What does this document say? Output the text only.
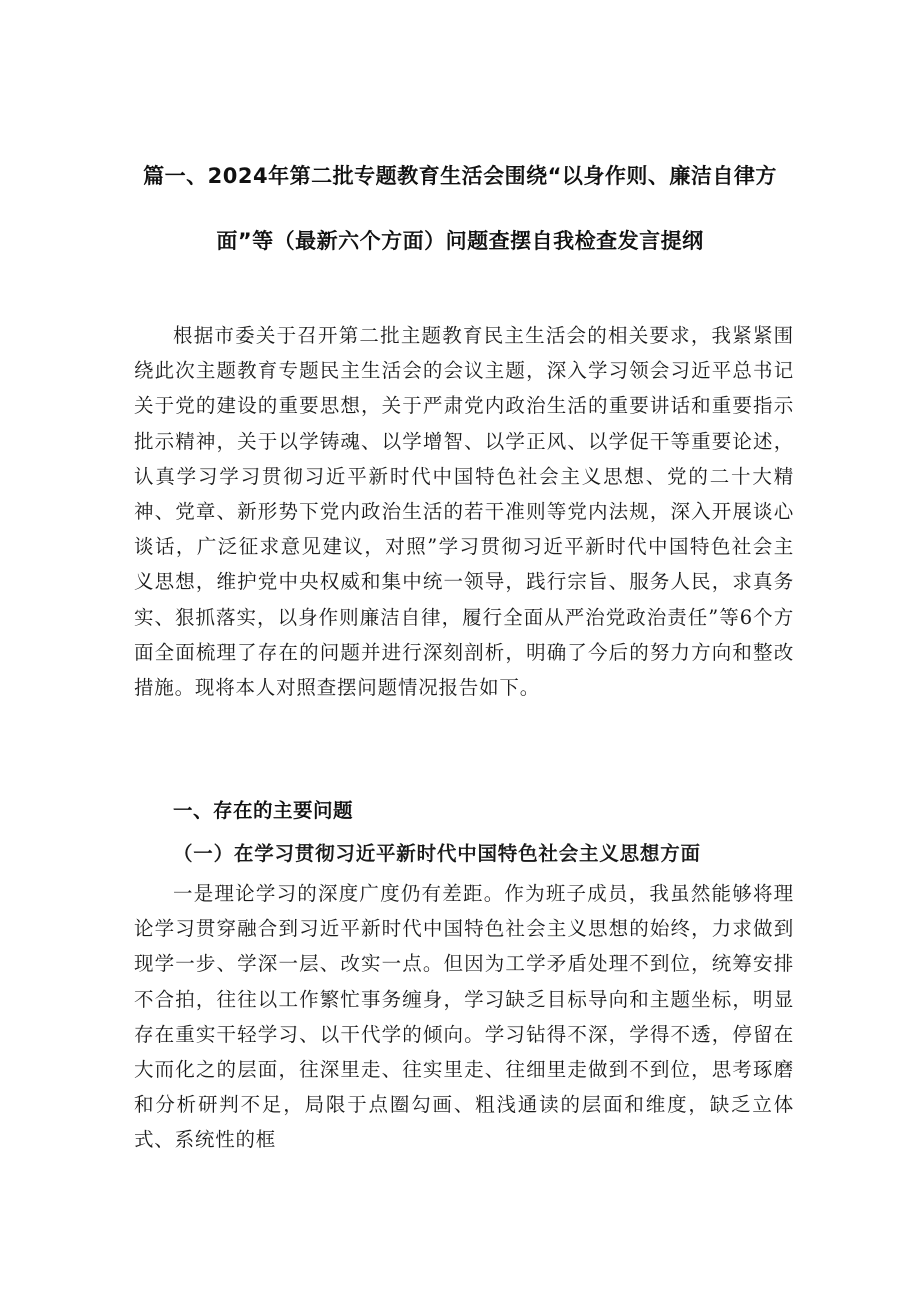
篇一、2024年第二批专题教育生活会围绕“以身作则、廉洁自律方
面”等（最新六个方面）问题查摆自我检查发言提纲

根据市委关于召开第二批主题教育民主生活会的相关要求，我紧紧围绕此次主题教育专题民主生活会的会议主题，深入学习领会习近平总书记关于党的建设的重要思想，关于严肃党内政治生活的重要讲话和重要指示批示精神，关于以学铸魂、以学增智、以学正风、以学促干等重要论述，认真学习学习贯彻习近平新时代中国特色社会主义思想、党的二十大精神、党章、新形势下党内政治生活的若干准则等党内法规，深入开展谈心谈话，广泛征求意见建议，对照”学习贯彻习近平新时代中国特色社会主义思想，维护党中央权威和集中统一领导，践行宗旨、服务人民，求真务实、狠抓落实，以身作则廉洁自律，履行全面从严治党政治责任”等6个方面全面梳理了存在的问题并进行深刻剖析，明确了今后的努力方向和整改措施。现将本人对照查摆问题情况报告如下。

一、存在的主要问题
（一）在学习贯彻习近平新时代中国特色社会主义思想方面

一是理论学习的深度广度仍有差距。作为班子成员，我虽然能够将理论学习贯穿融合到习近平新时代中国特色社会主义思想的始终，力求做到现学一步、学深一层、改实一点。但因为工学矛盾处理不到位，统筹安排不合拍，往往以工作繁忙事务缠身，学习缺乏目标导向和主题坐标，明显存在重实干轻学习、以干代学的倾向。学习钻得不深，学得不透，停留在大而化之的层面，往深里走、往实里走、往细里走做到不到位，思考琢磨和分析研判不足，局限于点圈勾画、粗浅通读的层面和维度，缺乏立体式、系统性的框
